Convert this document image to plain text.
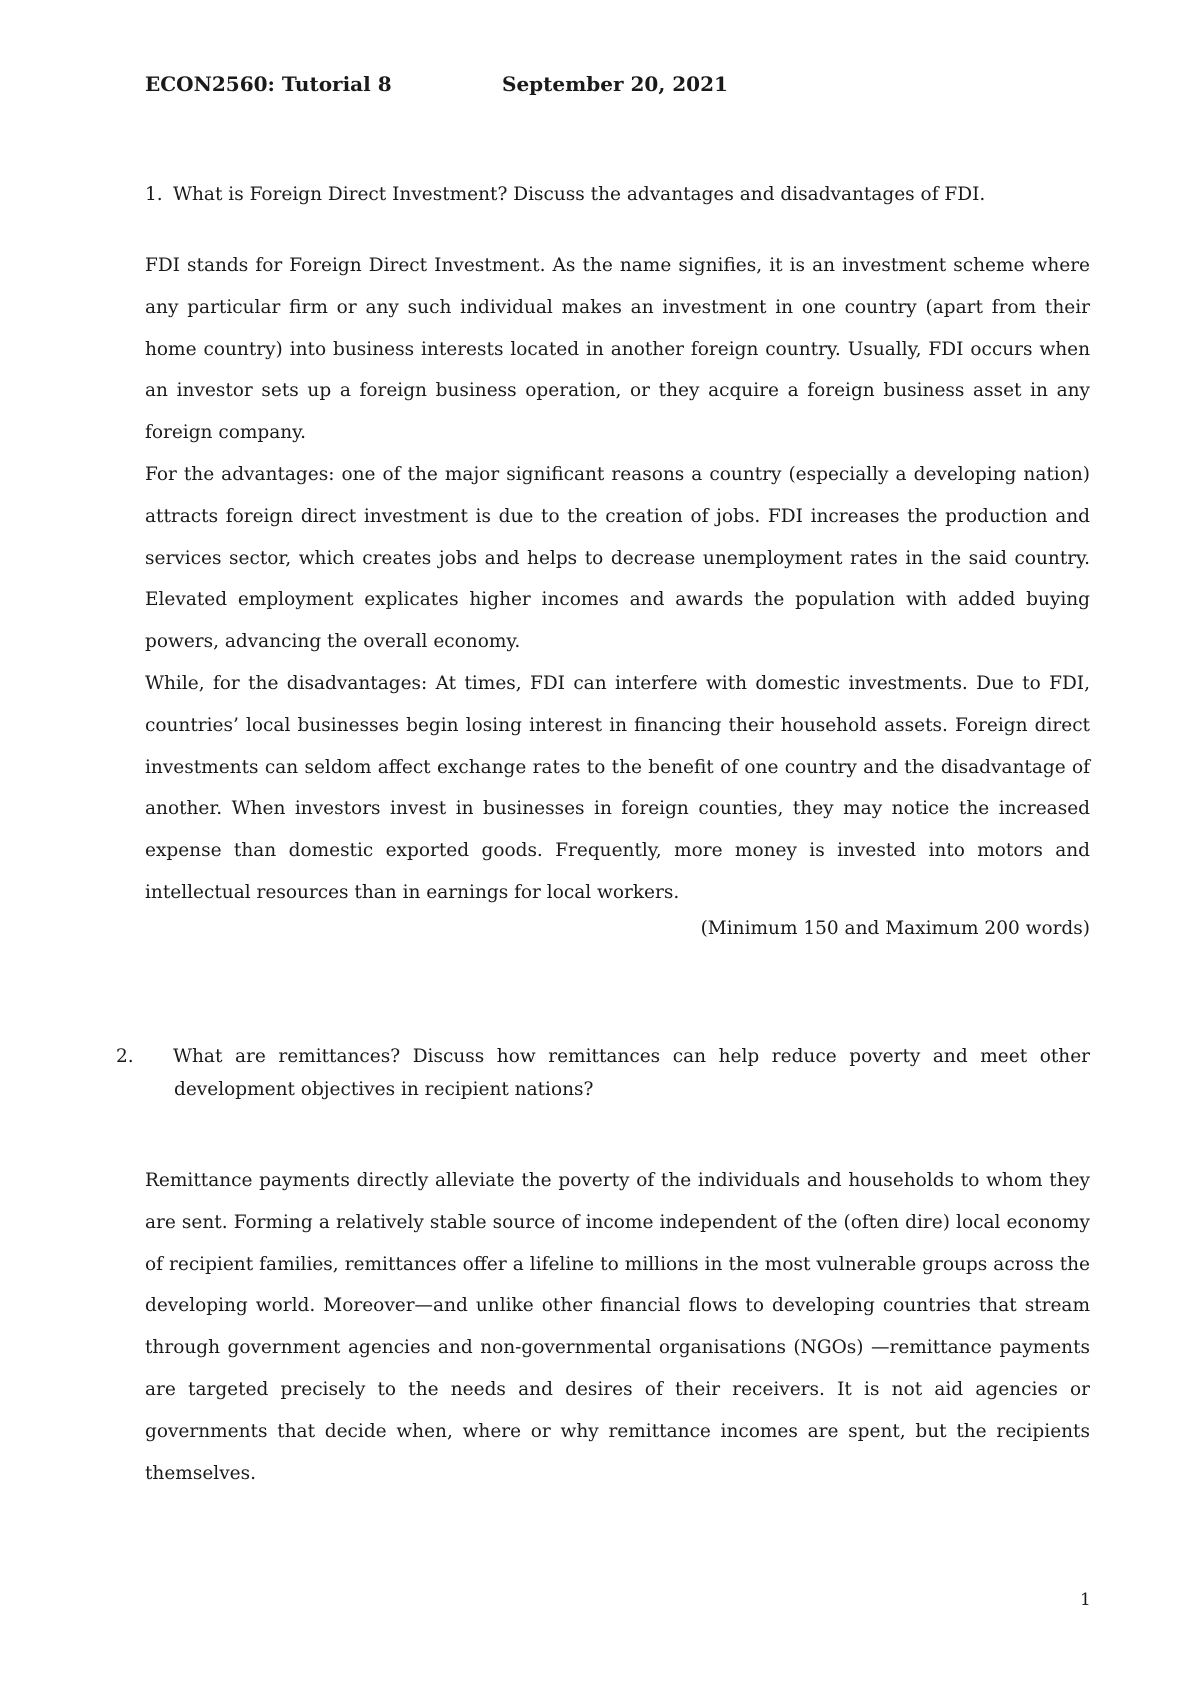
ECON2560: Tutorial 8	September 20, 2021
1. What is Foreign Direct Investment? Discuss the advantages and disadvantages of FDI.

FDI stands for Foreign Direct Investment. As the name signifies, it is an investment scheme where any particular firm or any such individual makes an investment in one country (apart from their home country) into business interests located in another foreign country. Usually, FDI occurs when an investor sets up a foreign business operation, or they acquire a foreign business asset in any foreign company.

For the advantages: one of the major significant reasons a country (especially a developing nation) attracts foreign direct investment is due to the creation of jobs. FDI increases the production and services sector, which creates jobs and helps to decrease unemployment rates in the said country. Elevated employment explicates higher incomes and awards the population with added buying powers, advancing the overall economy.

While, for the disadvantages: At times, FDI can interfere with domestic investments. Due to FDI, countries’ local businesses begin losing interest in financing their household assets. Foreign direct investments can seldom affect exchange rates to the benefit of one country and the disadvantage of another. When investors invest in businesses in foreign counties, they may notice the increased expense than domestic exported goods. Frequently, more money is invested into motors and intellectual resources than in earnings for local workers.

(Minimum 150 and Maximum 200 words)
2. What are remittances? Discuss how remittances can help reduce poverty and meet other development objectives in recipient nations?

Remittance payments directly alleviate the poverty of the individuals and households to whom they are sent. Forming a relatively stable source of income independent of the (often dire) local economy of recipient families, remittances offer a lifeline to millions in the most vulnerable groups across the developing world. Moreover—and unlike other financial flows to developing countries that stream through government agencies and non-governmental organisations (NGOs) —remittance payments are targeted precisely to the needs and desires of their receivers. It is not aid agencies or governments that decide when, where or why remittance incomes are spent, but the recipients themselves.

1
